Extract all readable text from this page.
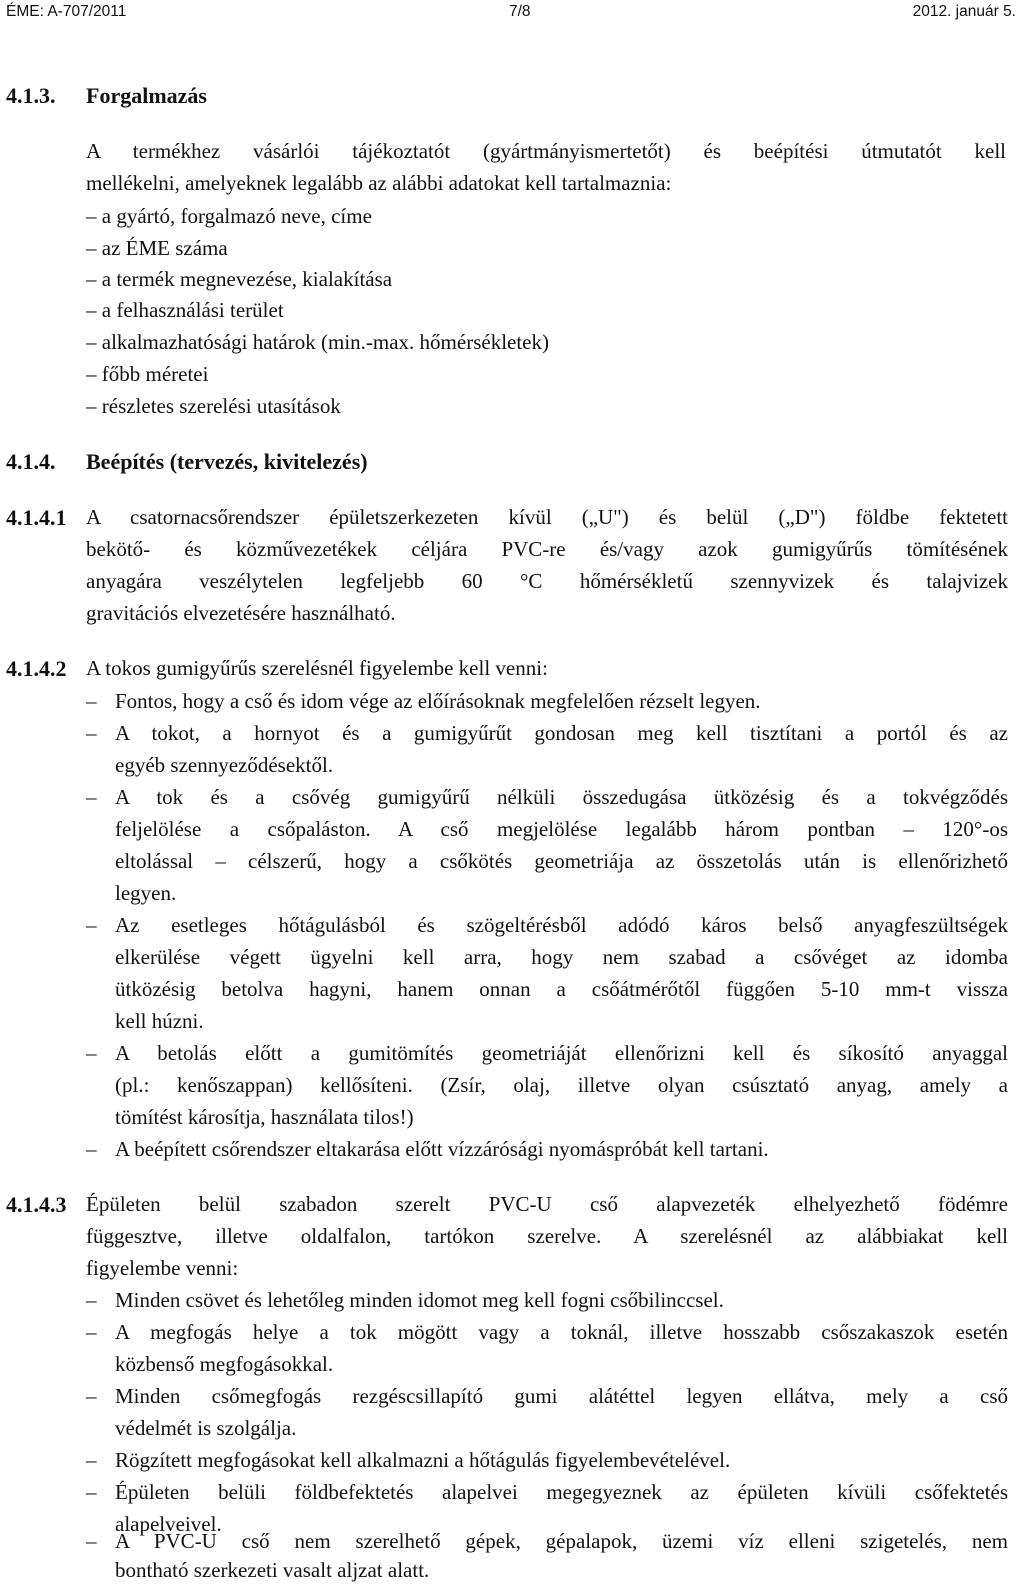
ÉME: A-707/2011	7/8	2012. január 5.
4.1.3. Forgalmazás
A termékhez vásárlói tájékoztatót (gyártmányismertetőt) és beépítési útmutatót kell
mellékelni, amelyeknek legalább az alábbi adatokat kell tartalmaznia:
– a gyártó, forgalmazó neve, címe
– az ÉME száma
– a termék megnevezése, kialakítása
– a felhasználási terület
– alkalmazhatósági határok (min.-max. hőmérsékletek)
– főbb méretei
– részletes szerelési utasítások
4.1.4. Beépítés (tervezés, kivitelezés)
4.1.4.1 A csatornacsőrendszer épületszerkezeten kívül („U") és belül („D") földbe fektetett
bekötő- és közművezetékek céljára PVC-re és/vagy azok gumigyűrűs tömítésének
anyagára veszélytelen legfeljebb 60 °C hőmérsékletű szennyvizek és talajvizek
gravitációs elvezetésére használható.
4.1.4.2 A tokos gumigyűrűs szerelésnél figyelembe kell venni:
– Fontos, hogy a cső és idom vége az előírásoknak megfelelően rézselt legyen.
– A tokot, a hornyot és a gumigyűrűt gondosan meg kell tisztítani a portól és az
egyéb szennyeződésektől.
– A tok és a csővég gumigyűrű nélküli összedugása ütközésig és a tokvégződés
feljelölése a csőpaláston. A cső megjelölése legalább három pontban – 120°-os
eltolással – célszerű, hogy a csőkötés geometriája az összetolás után is ellenőrizhető
legyen.
– Az esetleges hőtágulásból és szögeltérésből adódó káros belső anyagfeszültségek
elkerülése végett ügyelni kell arra, hogy nem szabad a csővéget az idomba
ütközésig betolva hagyni, hanem onnan a csőátmérőtől függően 5-10 mm-t vissza
kell húzni.
– A betolás előtt a gumitömítés geometriáját ellenőrizni kell és síkosító anyaggal
(pl.: kenőszappan) kellősíteni. (Zsír, olaj, illetve olyan csúsztató anyag, amely a
tömítést károsítja, használata tilos!)
– A beépített csőrendszer eltakarása előtt vízzárósági nyomáspróbát kell tartani.
4.1.4.3 Épületen belül szabadon szerelt PVC-U cső alapvezeték elhelyezhető födémre
függesztve, illetve oldalfalon, tartókon szerelve. A szerelésnél az alábbiakat kell
figyelembe venni:
– Minden csövet és lehetőleg minden idomot meg kell fogni csőbilinccsel.
– A megfogás helye a tok mögött vagy a toknál, illetve hosszabb csőszakaszok esetén
közbenső megfogásokkal.
– Minden csőmegfogás rezgéscsillapító gumi alátéttel legyen ellátva, mely a cső
védelmét is szolgálja.
– Rögzített megfogásokat kell alkalmazni a hőtágulás figyelembevételével.
– Épületen belüli földbefektetés alapelvei megegyeznek az épületen kívüli csőfektetés
alapelveivel.
– A PVC-U cső nem szerelhető gépek, gépalapok, üzemi víz elleni szigetelés, nem
bontható szerkezeti vasalt aljzat alatt.
